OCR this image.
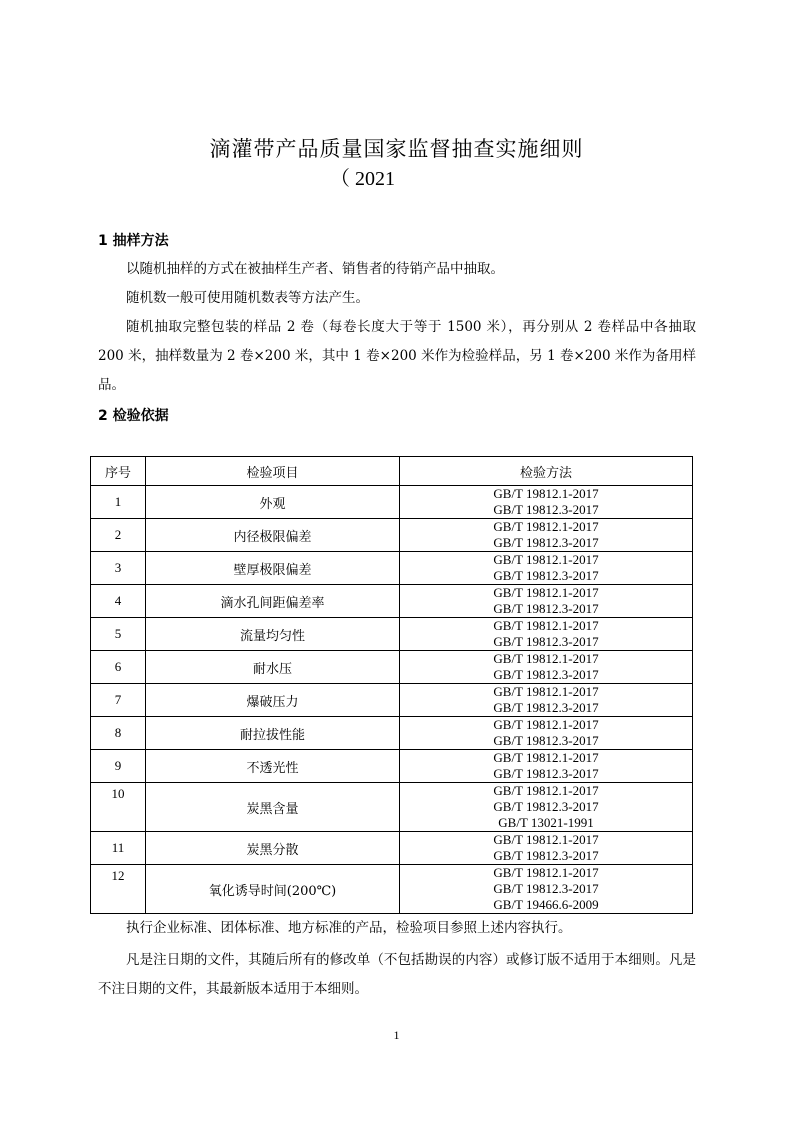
滴灌带产品质量国家监督抽查实施细则
（ 2021
1 抽样方法
以随机抽样的方式在被抽样生产者、销售者的待销产品中抽取。
随机数一般可使用随机数表等方法产生。
随机抽取完整包装的样品 2 卷（每卷长度大于等于 1500 米），再分别从 2 卷样品中各抽取 200 米，抽样数量为 2 卷×200 米，其中 1 卷×200 米作为检验样品，另 1 卷×200 米作为备用样品。
2 检验依据
序号	检验项目	检验方法
1	外观	GB/T 19812.1-2017
GB/T 19812.3-2017

2	内径极限偏差	GB/T 19812.1-2017
GB/T 19812.3-2017

3	壁厚极限偏差	GB/T 19812.1-2017
GB/T 19812.3-2017

4	滴水孔间距偏差率	GB/T 19812.1-2017
GB/T 19812.3-2017

5	流量均匀性	GB/T 19812.1-2017
GB/T 19812.3-2017

6	耐水压	GB/T 19812.1-2017
GB/T 19812.3-2017

7	爆破压力	GB/T 19812.1-2017
GB/T 19812.3-2017

8	耐拉拔性能	GB/T 19812.1-2017
GB/T 19812.3-2017

9	不透光性	GB/T 19812.1-2017
GB/T 19812.3-2017

10	炭黑含量	GB/T 19812.1-2017
GB/T 19812.3-2017
GB/T 13021-1991

11	炭黑分散	GB/T 19812.1-2017
GB/T 19812.3-2017

12	氧化诱导时间(200℃)	GB/T 19812.1-2017
GB/T 19812.3-2017
GB/T 19466.6-2009
执行企业标准、团体标准、地方标准的产品，检验项目参照上述内容执行。
凡是注日期的文件，其随后所有的修改单（不包括勘误的内容）或修订版不适用于本细则。凡是不注日期的文件，其最新版本适用于本细则。
1
